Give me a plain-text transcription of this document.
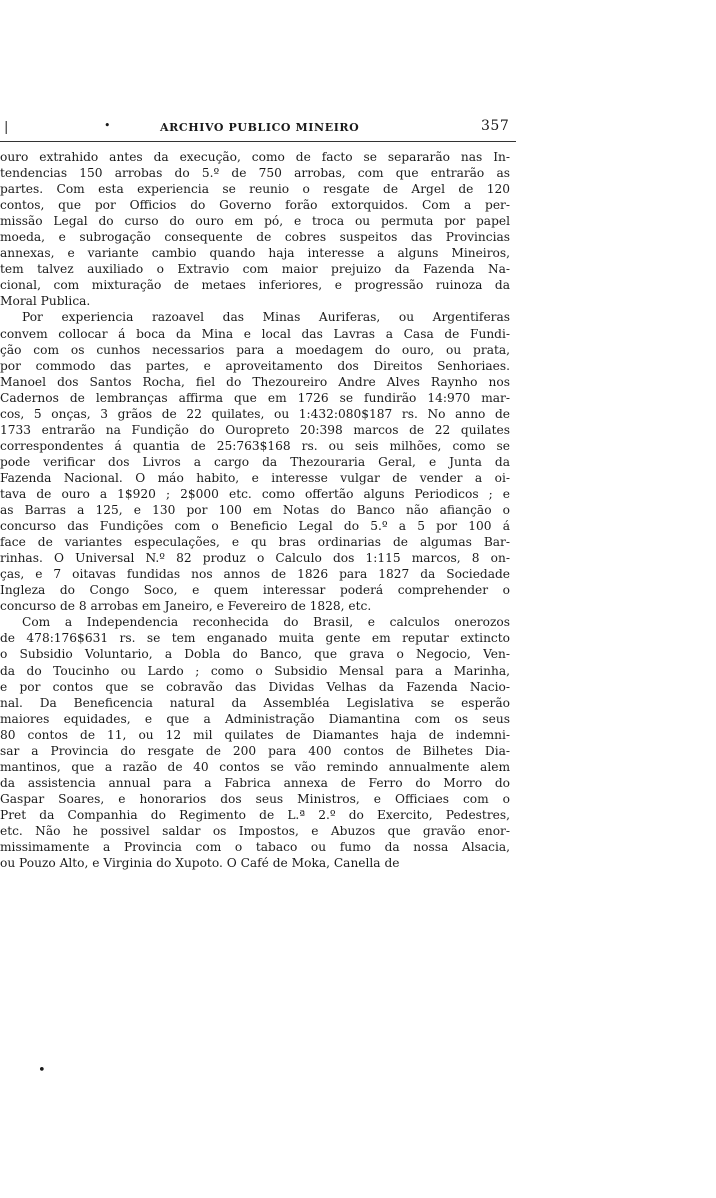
|	•	ARCHIVO PUBLICO MINEIRO	357
ouro extrahido antes da execução, como de facto se separarão nas In-
tendencias 150 arrobas do 5.º de 750 arrobas, com que entrarão as
partes. Com esta experiencia se reunio o resgate de Argel de 120
contos, que por Officios do Governo forão extorquidos. Com a per-
missão Legal do curso do ouro em pó, e troca ou permuta por papel
moeda, e subrogação consequente de cobres suspeitos das Provincias
annexas, e variante cambio quando haja interesse a alguns Mineiros,
tem talvez auxiliado o Extravio com maior prejuizo da Fazenda Na-
cional, com mixturação de metaes inferiores, e progressão ruinoza da
Moral Publica.
Por experiencia razoavel das Minas Auriferas, ou Argentiferas
convem collocar á boca da Mina e local das Lavras a Casa de Fundi-
ção com os cunhos necessarios para a moedagem do ouro, ou prata,
por commodo das partes, e aproveitamento dos Direitos Senhoriaes.
Manoel dos Santos Rocha, fiel do Thezoureiro Andre Alves Raynho nos
Cadernos de lembranças affirma que em 1726 se fundirão 14:970 mar-
cos, 5 onças, 3 grãos de 22 quilates, ou 1:432:080$187 rs. No anno de
1733 entrarão na Fundição do Ouropreto 20:398 marcos de 22 quilates
correspondentes á quantia de 25:763$168 rs. ou seis milhões, como se
pode verificar dos Livros a cargo da Thezouraria Geral, e Junta da
Fazenda Nacional. O máo habito, e interesse vulgar de vender a oi-
tava de ouro a 1$920 ; 2$000 etc. como offertão alguns Periodicos ; e
as Barras a 125, e 130 por 100 em Notas do Banco não afiançāo o
concurso das Fundições com o Beneficio Legal do 5.º a 5 por 100 á
face de variantes especulações, e qu bras ordinarias de algumas Bar-
rinhas. O Universal N.º 82 produz o Calculo dos 1:115 marcos, 8 on-
ças, e 7 oitavas fundidas nos annos de 1826 para 1827 da Sociedade
Ingleza do Congo Soco, e quem interessar poderá comprehender o
concurso de 8 arrobas em Janeiro, e Fevereiro de 1828, etc.
Com a Independencia reconhecida do Brasil, e calculos onerozos
de 478:176$631 rs. se tem enganado muita gente em reputar extincto
o Subsidio Voluntario, a Dobla do Banco, que grava o Negocio, Ven-
da do Toucinho ou Lardo ; como o Subsidio Mensal para a Marinha,
e por contos que se cobravão das Dividas Velhas da Fazenda Nacio-
nal. Da Beneficencia natural da Assembléa Legislativa se esperão
maiores equidades, e que a Administração Diamantina com os seus
80 contos de 11, ou 12 mil quilates de Diamantes haja de indemni-
sar a Provincia do resgate de 200 para 400 contos de Bilhetes Dia-
mantinos, que a razão de 40 contos se vão remindo annualmente alem
da assistencia annual para a Fabrica annexa de Ferro do Morro do
Gaspar Soares, e honorarios dos seus Ministros, e Officiaes com o
Pret da Companhia do Regimento de L.ª 2.º do Exercito, Pedestres,
etc. Não he possivel saldar os Impostos, e Abuzos que gravão enor-
missimamente a Provincia com o tabaco ou fumo da nossa Alsacia,
ou Pouzo Alto, e Virginia do Xupoto. O Café de Moka, Canella de
•
